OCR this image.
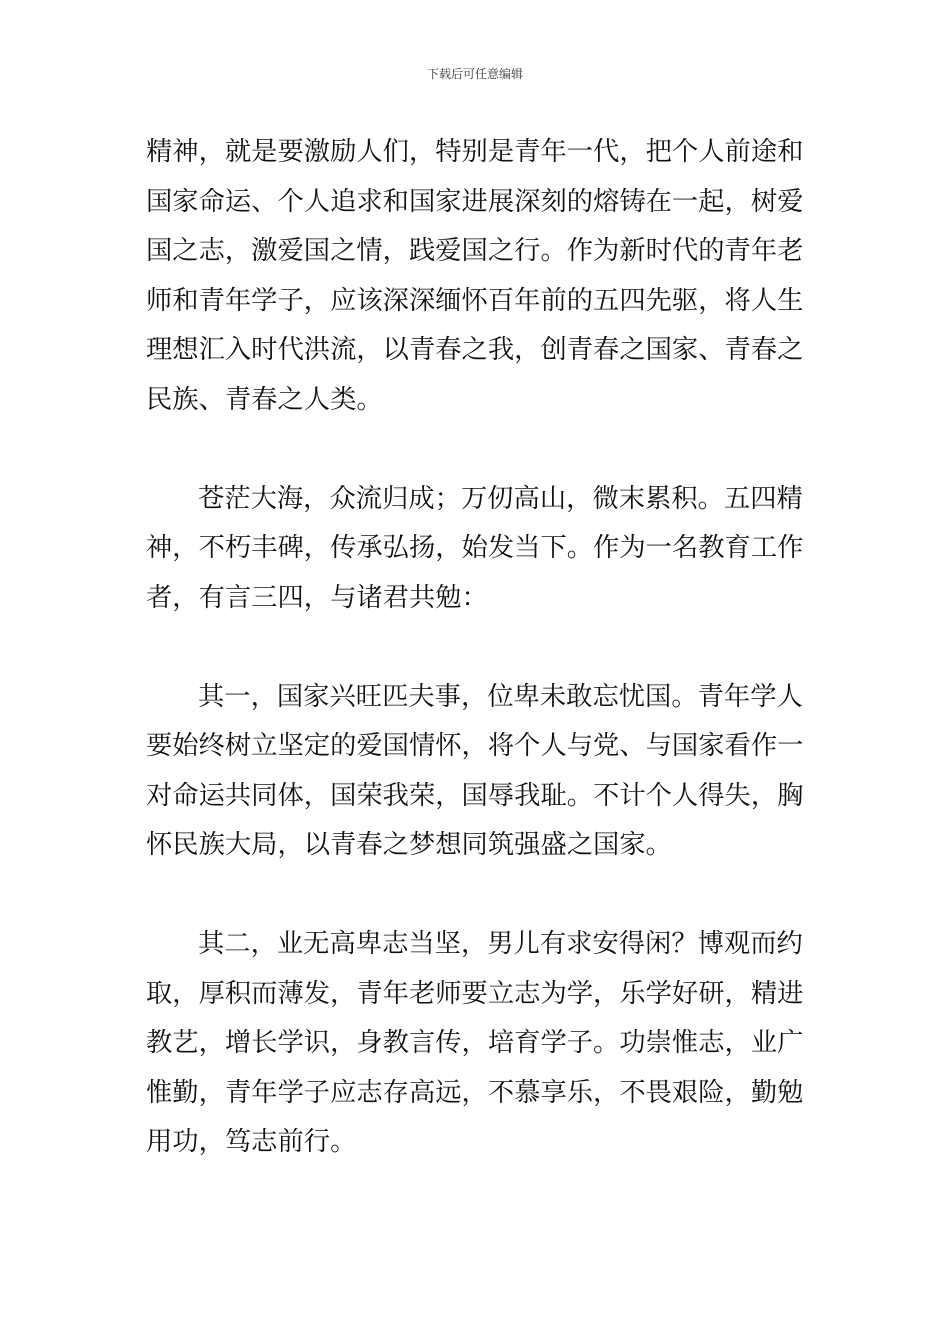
下载后可任意编辑

精神，就是要激励人们，特别是青年一代，把个人前途和
国家命运、个人追求和国家进展深刻的熔铸在一起，树爱
国之志，激爱国之情，践爱国之行。作为新时代的青年老
师和青年学子，应该深深缅怀百年前的五四先驱，将人生
理想汇入时代洪流，以青春之我，创青春之国家、青春之
民族、青春之人类。

苍茫大海，众流归成；万仞高山，微末累积。五四精
神，不朽丰碑，传承弘扬，始发当下。作为一名教育工作
者，有言三四，与诸君共勉：

其一，国家兴旺匹夫事，位卑未敢忘忧国。青年学人
要始终树立坚定的爱国情怀，将个人与党、与国家看作一
对命运共同体，国荣我荣，国辱我耻。不计个人得失，胸
怀民族大局，以青春之梦想同筑强盛之国家。

其二，业无高卑志当坚，男儿有求安得闲？博观而约
取，厚积而薄发，青年老师要立志为学，乐学好研，精进
教艺，增长学识，身教言传，培育学子。功崇惟志，业广
惟勤，青年学子应志存高远，不慕享乐，不畏艰险，勤勉
用功，笃志前行。
